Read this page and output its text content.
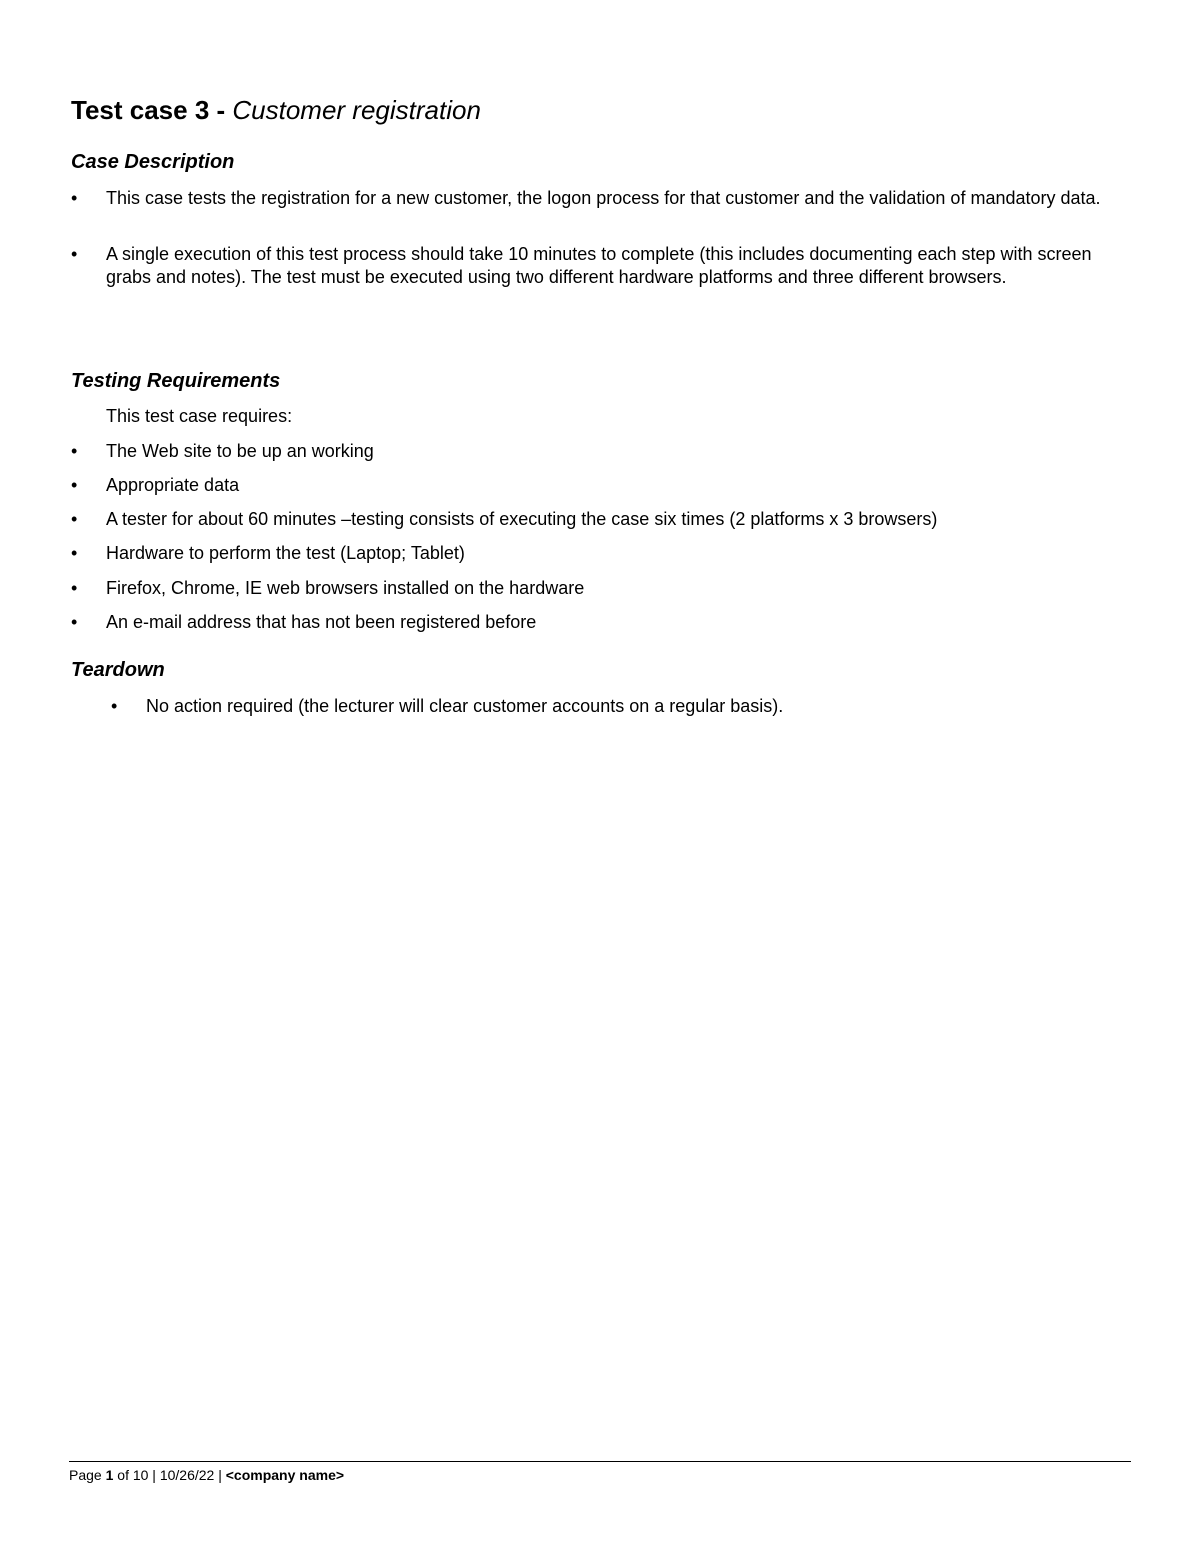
Test case 3 - Customer registration
Case Description
• This case tests the registration for a new customer, the logon process for that customer and the validation of mandatory data.
• A single execution of this test process should take 10 minutes to complete (this includes documenting each step with screen grabs and notes). The test must be executed using two different hardware platforms and three different browsers.
Testing Requirements
This test case requires:
• The Web site to be up an working
• Appropriate data
• A tester for about 60 minutes –testing consists of executing the case six times (2 platforms x 3 browsers)
• Hardware to perform the test (Laptop; Tablet)
• Firefox, Chrome, IE web browsers installed on the hardware
• An e-mail address that has not been registered before
Teardown
• No action required (the lecturer will clear customer accounts on a regular basis).
Page 1 of 10 | 10/26/22 | <company name>
